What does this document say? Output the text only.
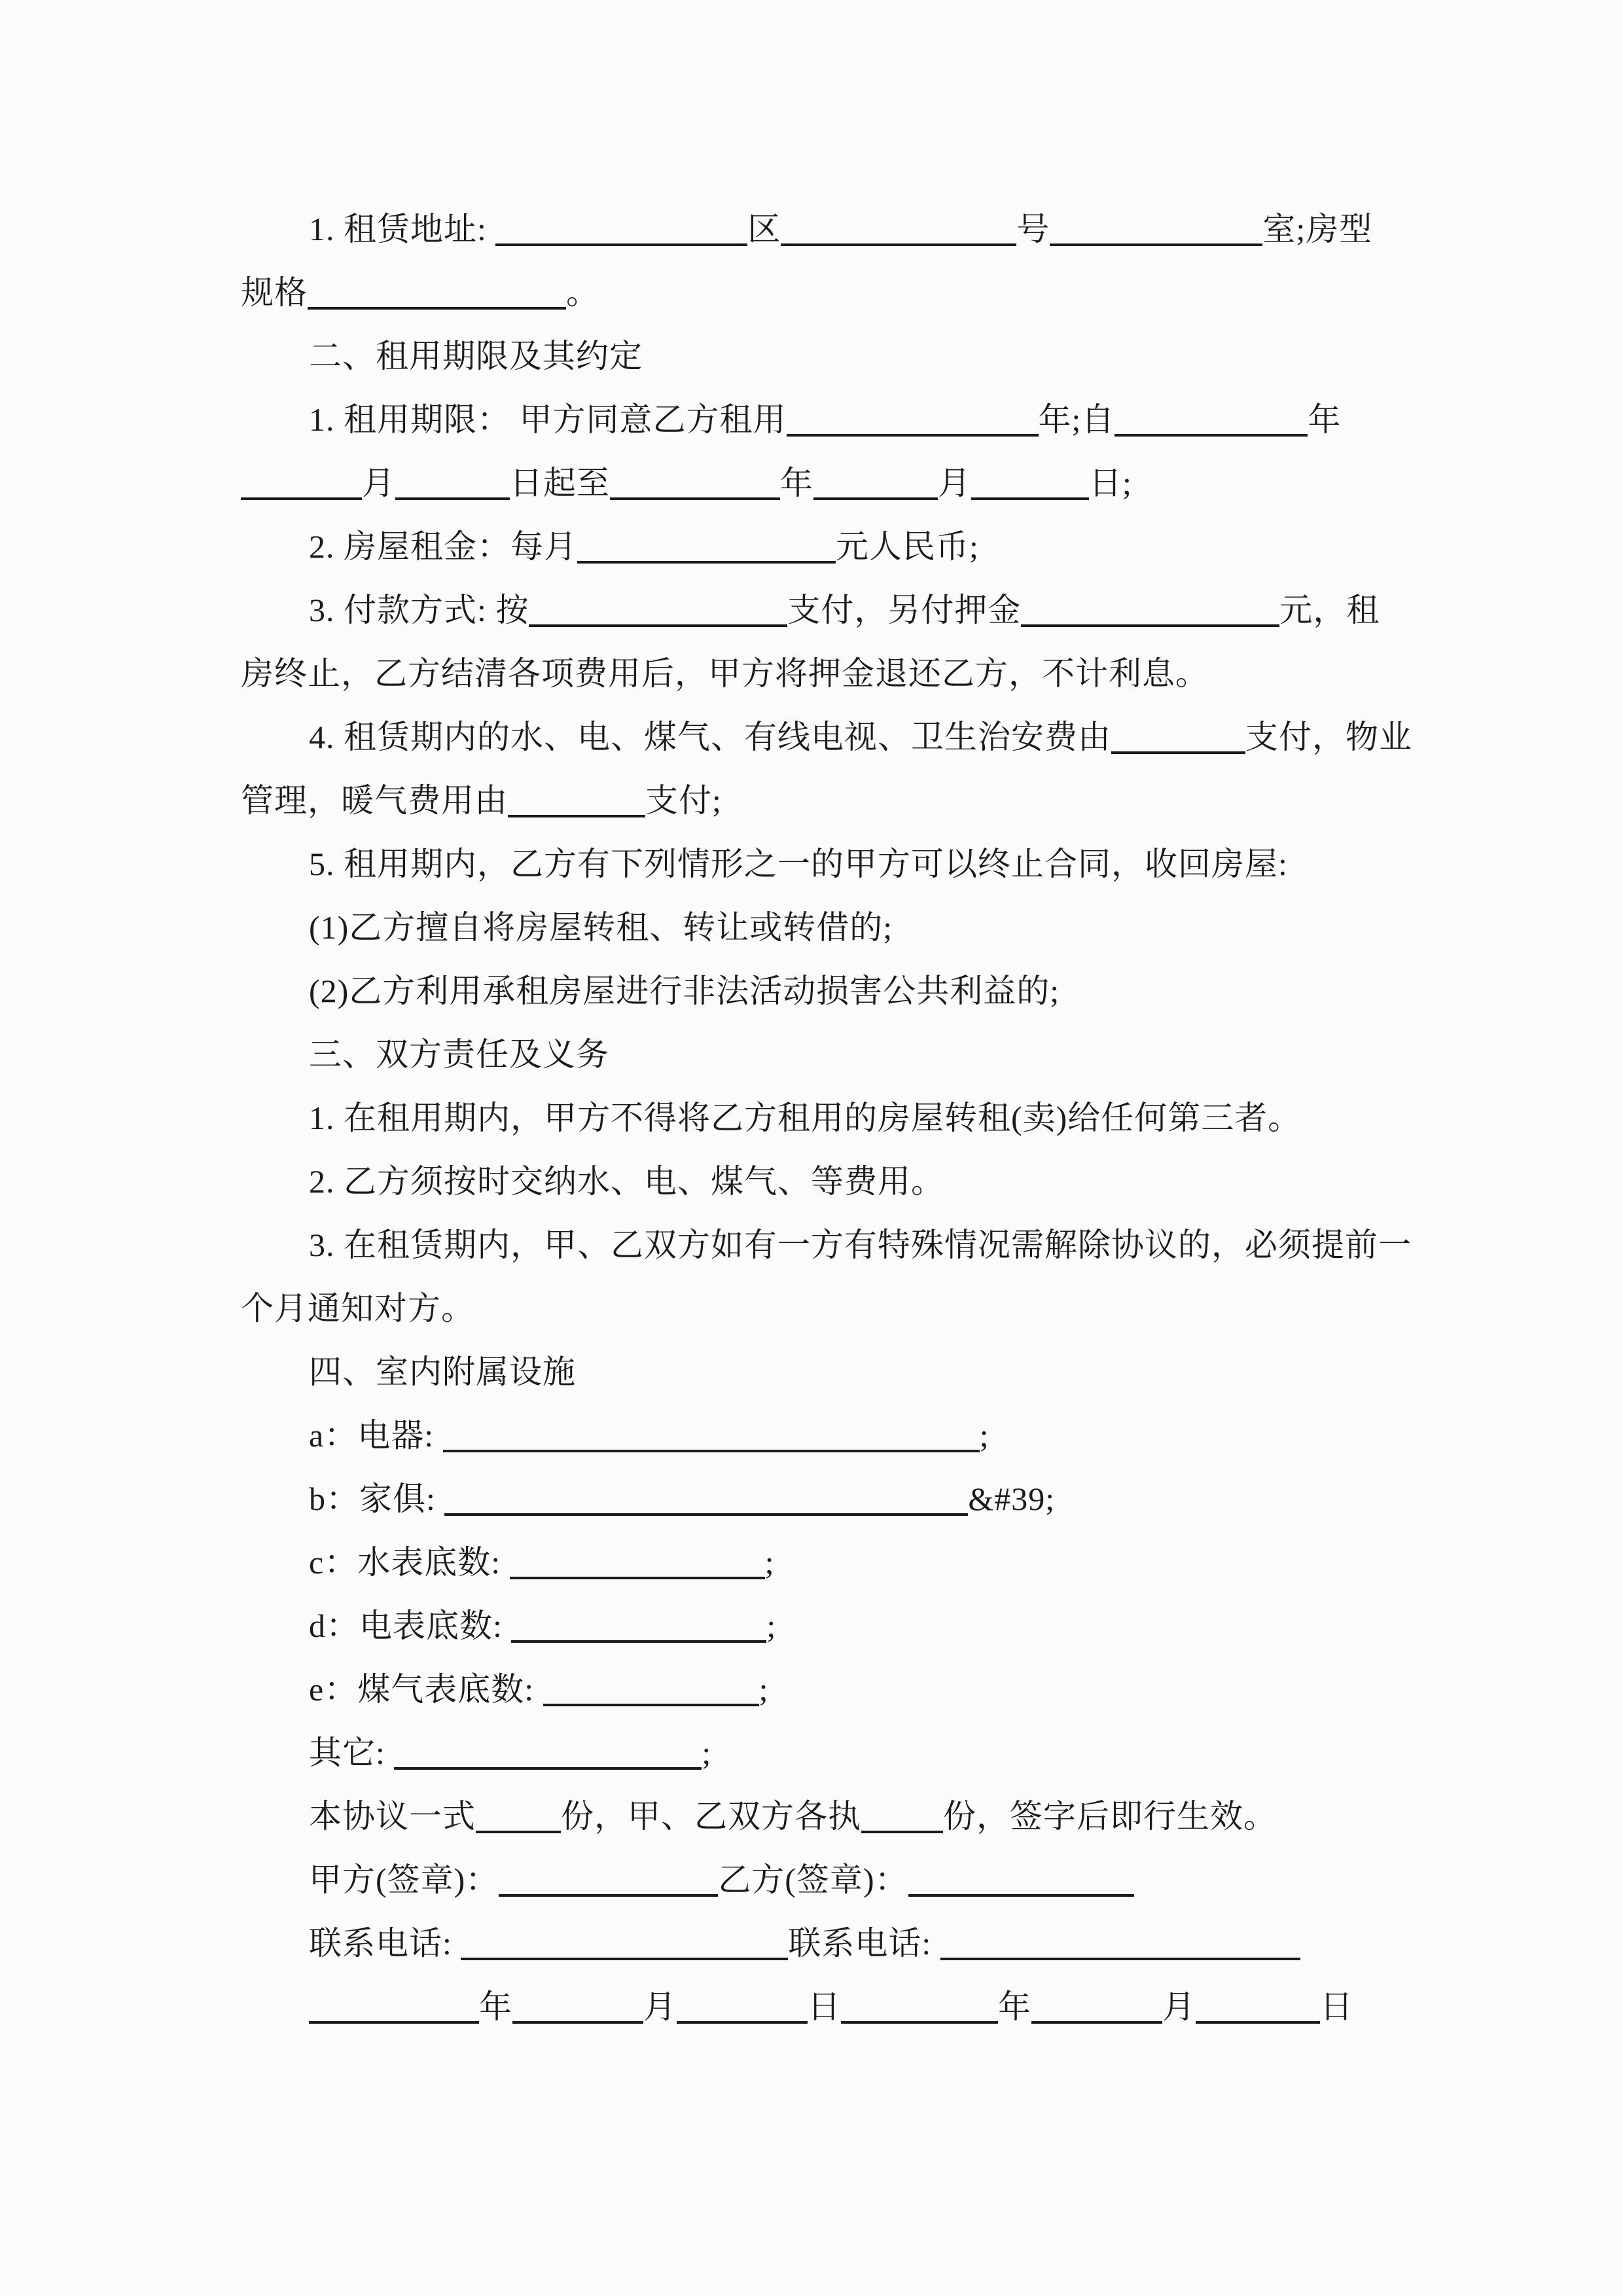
1. 租赁地址:	区	号	室;房型
规格	。
二、租用期限及其约定
1. 租用期限： 甲方同意乙方租用	年;自	年
月	日起至	年	月	日;
2. 房屋租金：每月	元人民币;
3. 付款方式: 按	支付，另付押金	元，租
房终止，乙方结清各项费用后，甲方将押金退还乙方，不计利息。
4. 租赁期内的水、电、煤气、有线电视、卫生治安费由	支付，物业
管理，暖气费用由	支付;
5. 租用期内，乙方有下列情形之一的甲方可以终止合同，收回房屋:
(1)乙方擅自将房屋转租、转让或转借的;
(2)乙方利用承租房屋进行非法活动损害公共利益的;
三、双方责任及义务
1. 在租用期内，甲方不得将乙方租用的房屋转租(卖)给任何第三者。
2. 乙方须按时交纳水、电、煤气、等费用。
3. 在租赁期内，甲、乙双方如有一方有特殊情况需解除协议的，必须提前一
个月通知对方。
四、室内附属设施
a：电器:	;
b：家俱:	&#39;
c：水表底数:	;
d：电表底数:	;
e：煤气表底数:	;
其它:	;
本协议一式	份，甲、乙双方各执	份，签字后即行生效。
甲方(签章)：	乙方(签章)：
联系电话:	联系电话:
年	月	日	年	月	日
